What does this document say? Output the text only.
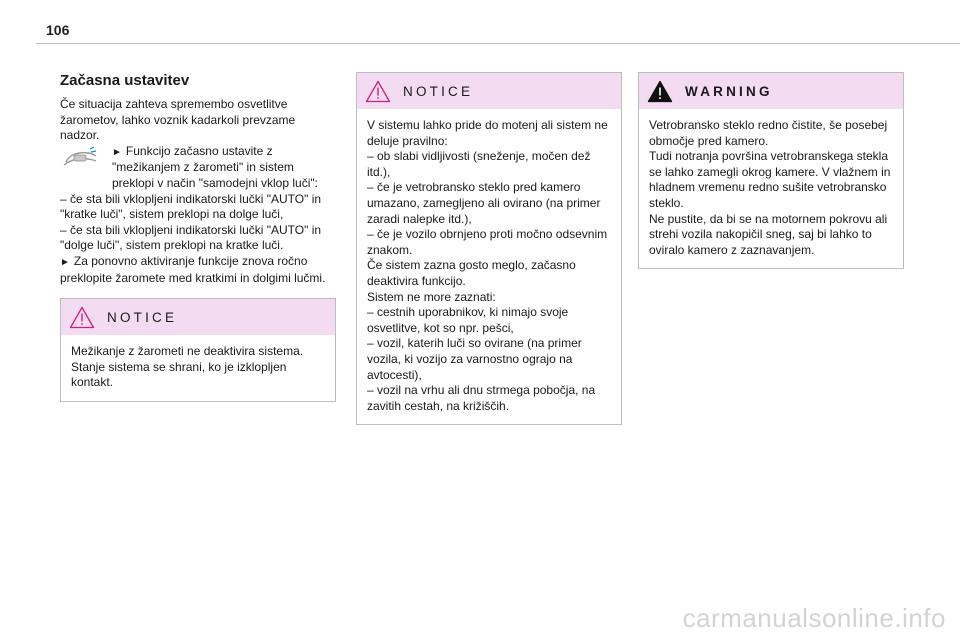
106
Začasna ustavitev

Če situacija zahteva spremembo osvetlitve žarometov, lahko voznik kadarkoli prevzame nadzor.

► Funkcijo začasno ustavite z "mežikanjem z žarometi" in sistem preklopi v način "samodejni vklop luči":

– če sta bili vklopljeni indikatorski lučki "AUTO" in "kratke luči", sistem preklopi na dolge luči,

– če sta bili vklopljeni indikatorski lučki "AUTO" in "dolge luči", sistem preklopi na kratke luči.

► Za ponovno aktiviranje funkcije znova ročno preklopite žaromete med kratkimi in dolgimi lučmi.

NOTICE

Mežikanje z žarometi ne deaktivira sistema. Stanje sistema se shrani, ko je izklopljen kontakt.

NOTICE

V sistemu lahko pride do motenj ali sistem ne deluje pravilno:

– ob slabi vidljivosti (sneženje, močen dež itd.),

– če je vetrobransko steklo pred kamero umazano, zamegljeno ali ovirano (na primer zaradi nalepke itd.),

– če je vozilo obrnjeno proti močno odsevnim znakom.

Če sistem zazna gosto meglo, začasno deaktivira funkcijo.

Sistem ne more zaznati:

– cestnih uporabnikov, ki nimajo svoje osvetlitve, kot so npr. pešci,

– vozil, katerih luči so ovirane (na primer vozila, ki vozijo za varnostno ograjo na avtocesti),

– vozil na vrhu ali dnu strmega pobočja, na zavitih cestah, na križiščih.

WARNING

Vetrobransko steklo redno čistite, še posebej območje pred kamero.

Tudi notranja površina vetrobranskega stekla se lahko zamegli okrog kamere. V vlažnem in hladnem vremenu redno sušite vetrobransko steklo.

Ne pustite, da bi se na motornem pokrovu ali strehi vozila nakopičil sneg, saj bi lahko to oviralo kamero z zaznavanjem.

carmanualsonline.info
